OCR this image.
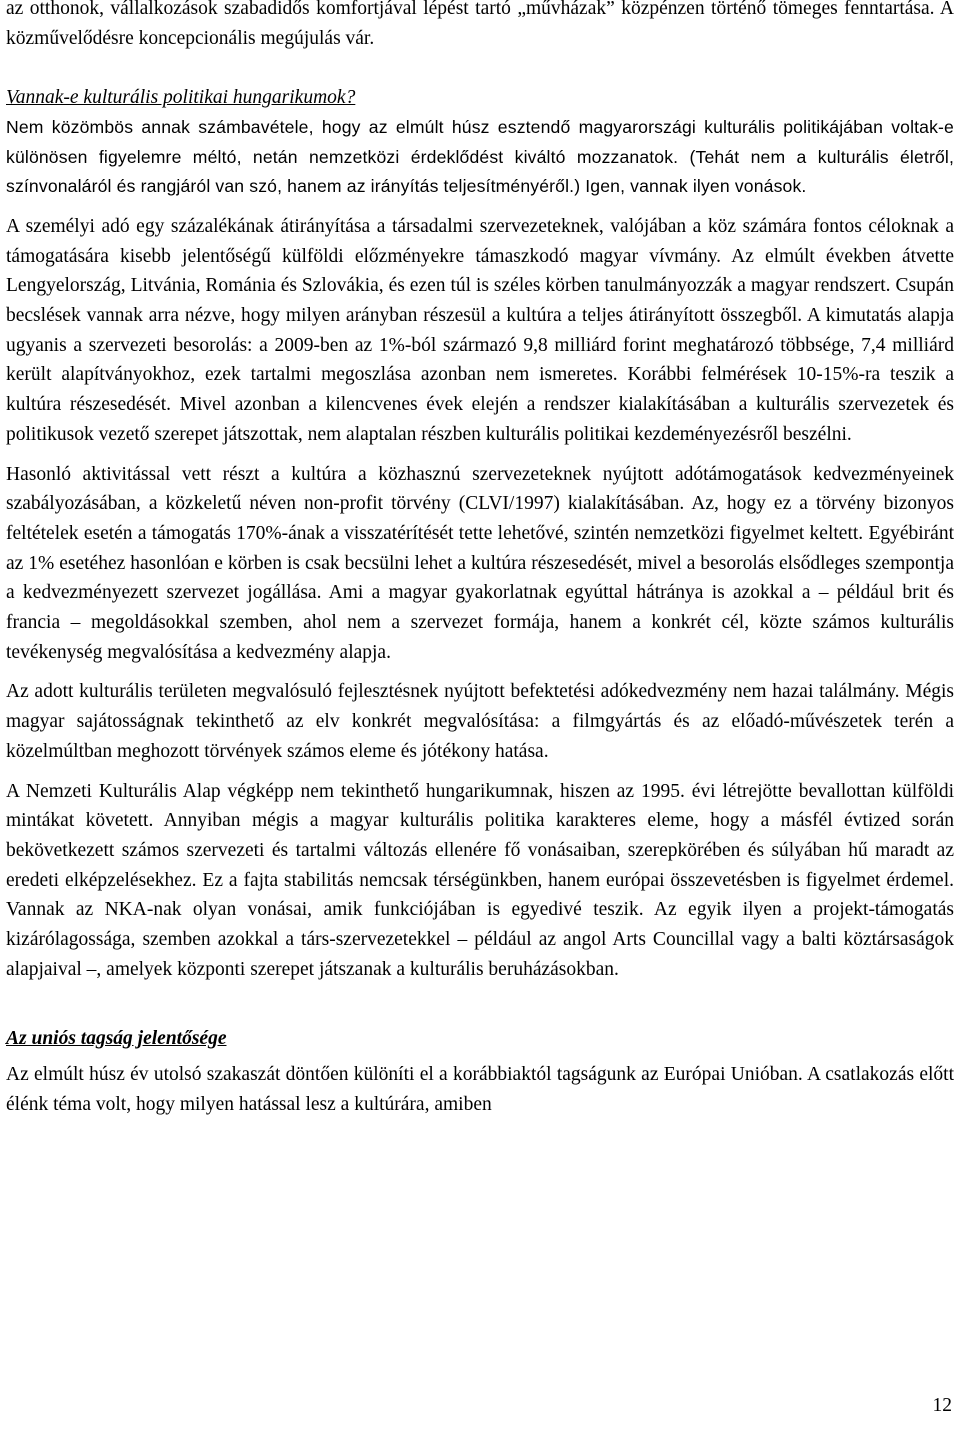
az otthonok, vállalkozások szabadidős komfortjával lépést tartó „művházak” közpénzen történő tömeges fenntartása. A közművelődésre koncepcionális megújulás vár.

Vannak-e kulturális politikai hungarikumok?

Nem közömbös annak számbavétele, hogy az elmúlt húsz esztendő magyarországi kulturális politikájában voltak-e különösen figyelemre méltó, netán nemzetközi érdeklődést kiváltó mozzanatok. (Tehát nem a kulturális életről, színvonaláról és rangjáról van szó, hanem az irányítás teljesítményéről.) Igen, vannak ilyen vonások.

A személyi adó egy százalékának átirányítása a társadalmi szervezeteknek, valójában a köz számára fontos céloknak a támogatására kisebb jelentőségű külföldi előzményekre támaszkodó magyar vívmány. Az elmúlt években átvette Lengyelország, Litvánia, Románia és Szlovákia, és ezen túl is széles körben tanulmányozzák a magyar rendszert. Csupán becslések vannak arra nézve, hogy milyen arányban részesül a kultúra a teljes átirányított összegből. A kimutatás alapja ugyanis a szervezeti besorolás: a 2009-ben az 1%-ból származó 9,8 milliárd forint meghatározó többsége, 7,4 milliárd került alapítványokhoz, ezek tartalmi megoszlása azonban nem ismeretes. Korábbi felmérések 10-15%-ra teszik a kultúra részesedését. Mivel azonban a kilencvenes évek elején a rendszer kialakításában a kulturális szervezetek és politikusok vezető szerepet játszottak, nem alaptalan részben kulturális politikai kezdeményezésről beszélni.

Hasonló aktivitással vett részt a kultúra a közhasznú szervezeteknek nyújtott adótámogatások kedvezményeinek szabályozásában, a közkeletű néven non-profit törvény (CLVI/1997) kialakításában. Az, hogy ez a törvény bizonyos feltételek esetén a támogatás 170%-ának a visszatérítését tette lehetővé, szintén nemzetközi figyelmet keltett. Egyébiránt az 1% esetéhez hasonlóan e körben is csak becsülni lehet a kultúra részesedését, mivel a besorolás elsődleges szempontja a kedvezményezett szervezet jogállása. Ami a magyar gyakorlatnak egyúttal hátránya is azokkal a – például brit és francia – megoldásokkal szemben, ahol nem a szervezet formája, hanem a konkrét cél, közte számos kulturális tevékenység megvalósítása a kedvezmény alapja.

Az adott kulturális területen megvalósuló fejlesztésnek nyújtott befektetési adókedvezmény nem hazai találmány. Mégis magyar sajátosságnak tekinthető az elv konkrét megvalósítása: a filmgyártás és az előadó-művészetek terén a közelmúltban meghozott törvények számos eleme és jótékony hatása.

A Nemzeti Kulturális Alap végképp nem tekinthető hungarikumnak, hiszen az 1995. évi létrejötte bevallottan külföldi mintákat követett. Annyiban mégis a magyar kulturális politika karakteres eleme, hogy a másfél évtized során bekövetkezett számos szervezeti és tartalmi változás ellenére fő vonásaiban, szerepkörében és súlyában hű maradt az eredeti elképzelésekhez. Ez a fajta stabilitás nemcsak térségünkben, hanem európai összevetésben is figyelmet érdemel. Vannak az NKA-nak olyan vonásai, amik funkciójában is egyedivé teszik. Az egyik ilyen a projekt-támogatás kizárólagossága, szemben azokkal a társ-szervezetekkel – például az angol Arts Councillal vagy a balti köztársaságok alapjaival –, amelyek központi szerepet játszanak a kulturális beruházásokban.

Az uniós tagság jelentősége

Az elmúlt húsz év utolsó szakaszát döntően különíti el a korábbiaktól tagságunk az Európai Unióban. A csatlakozás előtt élénk téma volt, hogy milyen hatással lesz a kultúrára, amiben

12
